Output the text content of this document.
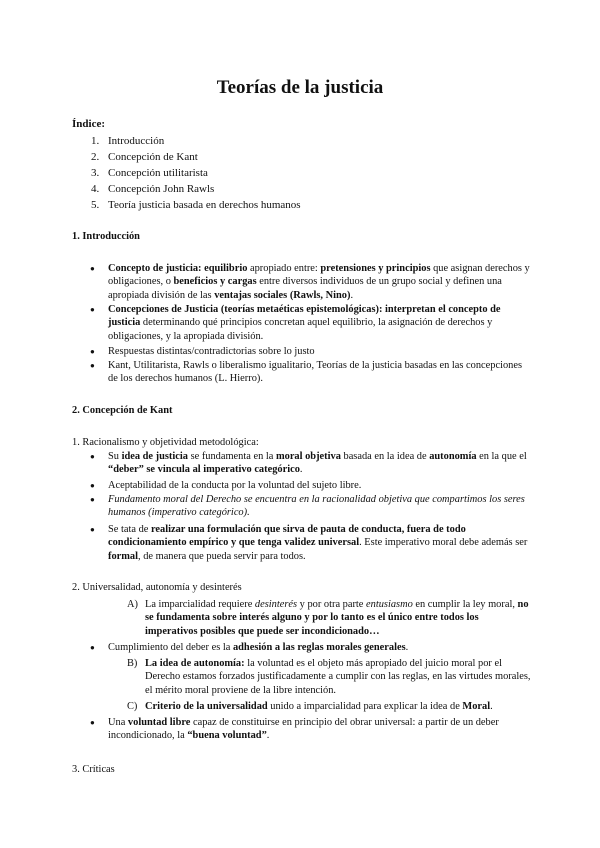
Teorías de la justicia
Índice:
1. Introducción
2. Concepción de Kant
3. Concepción utilitarista
4. Concepción John Rawls
5. Teoría justicia basada en derechos humanos
1. Introducción
● Concepto de justicia: equilibrio apropiado entre: pretensiones y principios que asignan derechos y obligaciones, o beneficios y cargas entre diversos individuos de un grupo social y definen una apropiada división de las ventajas sociales (Rawls, Nino).
● Concepciones de Justicia (teorías metaéticas epistemológicas): interpretan el concepto de justicia determinando qué principios concretan aquel equilibrio, la asignación de derechos y obligaciones, y la apropiada división.
● Respuestas distintas/contradictorias sobre lo justo
● Kant, Utilitarista, Rawls o liberalismo igualitario, Teorías de la justicia basadas en las concepciones de los derechos humanos (L. Hierro).
2. Concepción de Kant
1. Racionalismo y objetividad metodológica:
● Su idea de justicia se fundamenta en la moral objetiva basada en la idea de autonomía en la que el “deber” se vincula al imperativo categórico.
● Aceptabilidad de la conducta por la voluntad del sujeto libre.
● Fundamento moral del Derecho se encuentra en la racionalidad objetiva que compartimos los seres humanos (imperativo categórico).
● Se tata de realizar una formulación que sirva de pauta de conducta, fuera de todo condicionamiento empírico y que tenga validez universal. Este imperativo moral debe además ser formal, de manera que pueda servir para todos.
2. Universalidad, autonomía y desinterés
A) La imparcialidad requiere desinterés y por otra parte entusiasmo en cumplir la ley moral, no se fundamenta sobre interés alguno y por lo tanto es el único entre todos los imperativos posibles que puede ser incondicionado…
● Cumplimiento del deber es la adhesión a las reglas morales generales.
B) La idea de autonomía: la voluntad es el objeto más apropiado del juicio moral por el Derecho estamos forzados justificadamente a cumplir con las reglas, en las virtudes morales, el mérito moral proviene de la libre intención.
C) Criterio de la universalidad unido a imparcialidad para explicar la idea de Moral.
● Una voluntad libre capaz de constituirse en principio del obrar universal: a partir de un deber incondicionado, la “buena voluntad”.
3. Críticas
